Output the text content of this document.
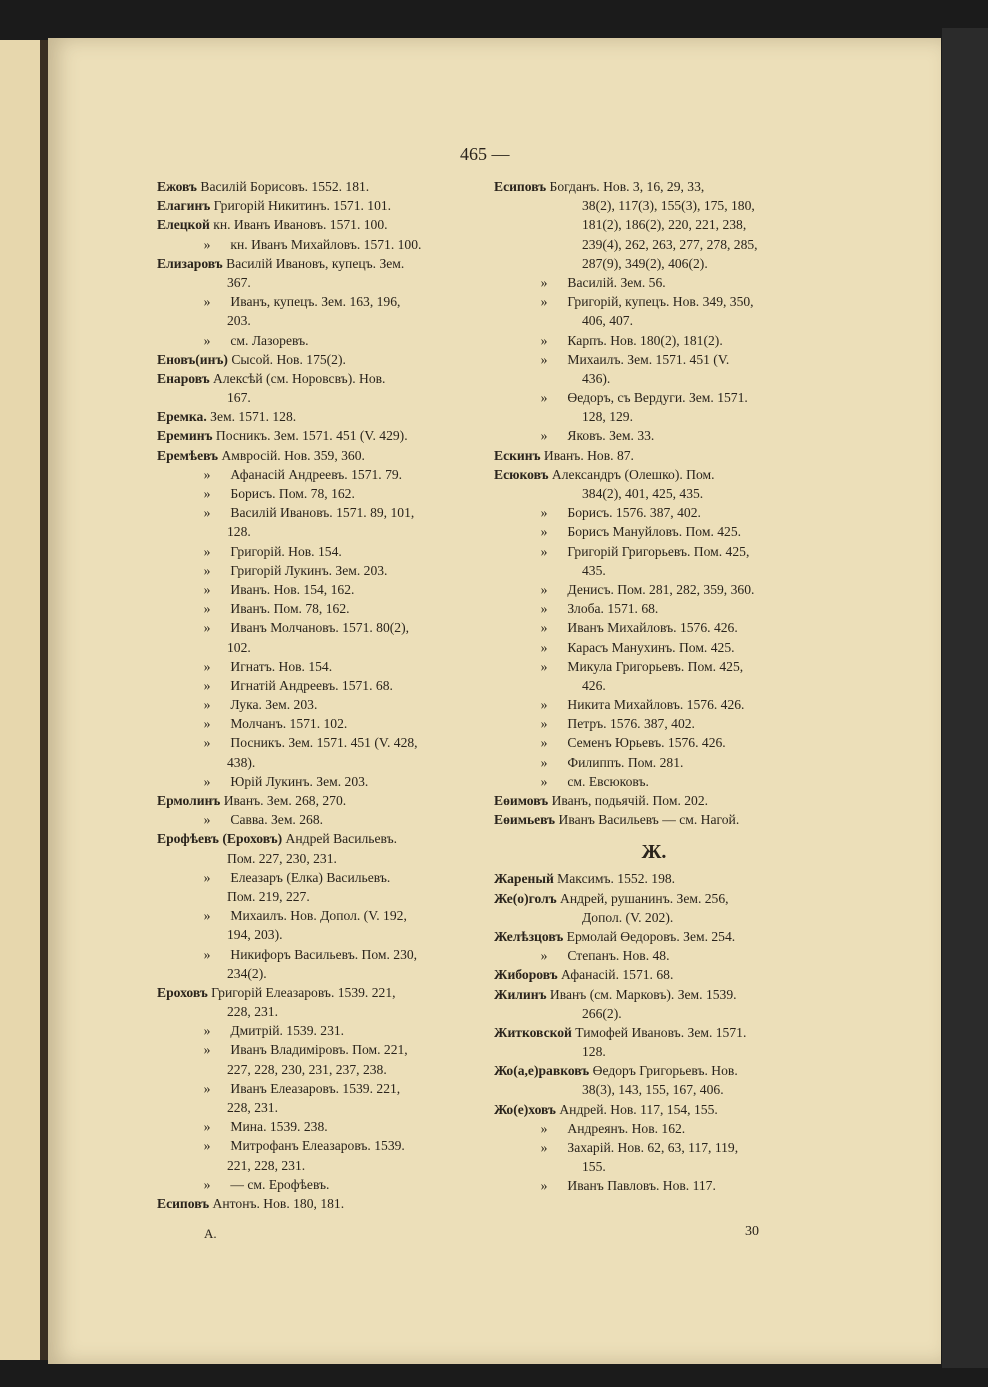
465 —
Ежовъ Василій Борисовъ. 1552. 181.
Елагинъ Григорій Никитинъ. 1571. 101.
Елецкой кн. Иванъ Ивановъ. 1571. 100.
» кн. Иванъ Михайловъ. 1571. 100.
Елизаровъ Василій Ивановъ, купецъ. Зем.
367.
» Иванъ, купецъ. Зем. 163, 196,
203.
» см. Лазоревъ.
Еновъ(инъ) Сысой. Нов. 175(2).
Енаровъ Алексѣй (см. Норовсвъ). Нов.
167.
Еремка. Зем. 1571. 128.
Ереминъ Посникъ. Зем. 1571. 451 (V. 429).
Еремѣевъ Амвросій. Нов. 359, 360.
» Афанасій Андреевъ. 1571. 79.
» Борисъ. Пом. 78, 162.
» Василій Ивановъ. 1571. 89, 101,
128.
» Григорій. Нов. 154.
» Григорій Лукинъ. Зем. 203.
» Иванъ. Нов. 154, 162.
» Иванъ. Пом. 78, 162.
» Иванъ Молчановъ. 1571. 80(2),
102.
» Игнатъ. Нов. 154.
» Игнатій Андреевъ. 1571. 68.
» Лука. Зем. 203.
» Молчанъ. 1571. 102.
» Посникъ. Зем. 1571. 451 (V. 428,
438).
» Юрій Лукинъ. Зем. 203.
Ермолинъ Иванъ. Зем. 268, 270.
» Савва. Зем. 268.
Ерофѣевъ (Ероховъ) Андрей Васильевъ.
Пом. 227, 230, 231.
» Елеазаръ (Елка) Васильевъ.
Пом. 219, 227.
» Михаилъ. Нов. Допол. (V. 192,
194, 203).
» Никифоръ Васильевъ. Пом. 230,
234(2).
Ероховъ Григорій Елеазаровъ. 1539. 221,
228, 231.
» Дмитрій. 1539. 231.
» Иванъ Владиміровъ. Пом. 221,
227, 228, 230, 231, 237, 238.
» Иванъ Елеазаровъ. 1539. 221,
228, 231.
» Мина. 1539. 238.
» Митрофанъ Елеазаровъ. 1539.
221, 228, 231.
» — см. Ерофѣевъ.
Есиповъ Антонъ. Нов. 180, 181.
Есиповъ Богданъ. Нов. 3, 16, 29, 33,
38(2), 117(3), 155(3), 175, 180,
181(2), 186(2), 220, 221, 238,
239(4), 262, 263, 277, 278, 285,
287(9), 349(2), 406(2).
» Василій. Зем. 56.
» Григорій, купецъ. Нов. 349, 350,
406, 407.
» Карпъ. Нов. 180(2), 181(2).
» Михаилъ. Зем. 1571. 451 (V.
436).
» Өедоръ, съ Вердуги. Зем. 1571.
128, 129.
» Яковъ. Зем. 33.
Ескинъ Иванъ. Нов. 87.
Есюковъ Александръ (Олешко). Пом.
384(2), 401, 425, 435.
» Борисъ. 1576. 387, 402.
» Борисъ Мануйловъ. Пом. 425.
» Григорій Григорьевъ. Пом. 425,
435.
» Денисъ. Пом. 281, 282, 359, 360.
» Злоба. 1571. 68.
» Иванъ Михайловъ. 1576. 426.
» Карасъ Манухинъ. Пом. 425.
» Микула Григорьевъ. Пом. 425,
426.
» Никита Михайловъ. 1576. 426.
» Петръ. 1576. 387, 402.
» Семенъ Юрьевъ. 1576. 426.
» Филиппъ. Пом. 281.
» см. Евсюковъ.
Еөимовъ Иванъ, подьячій. Пом. 202.
Еөимьевъ Иванъ Васильевъ — см. Нагой.
Ж.
Жареный Максимъ. 1552. 198.
Же(о)голъ Андрей, рушанинъ. Зем. 256,
Допол. (V. 202).
Желѣзцовъ Ермолай Өедоровъ. Зем. 254.
» Степанъ. Нов. 48.
Жиборовъ Афанасій. 1571. 68.
Жилинъ Иванъ (см. Марковъ). Зем. 1539.
266(2).
Житковской Тимофей Ивановъ. Зем. 1571.
128.
Жо(а,е)равковъ Өедоръ Григорьевъ. Нов.
38(3), 143, 155, 167, 406.
Жо(е)ховъ Андрей. Нов. 117, 154, 155.
» Андреянъ. Нов. 162.
» Захарій. Нов. 62, 63, 117, 119,
155.
» Иванъ Павловъ. Нов. 117.
A.	30
